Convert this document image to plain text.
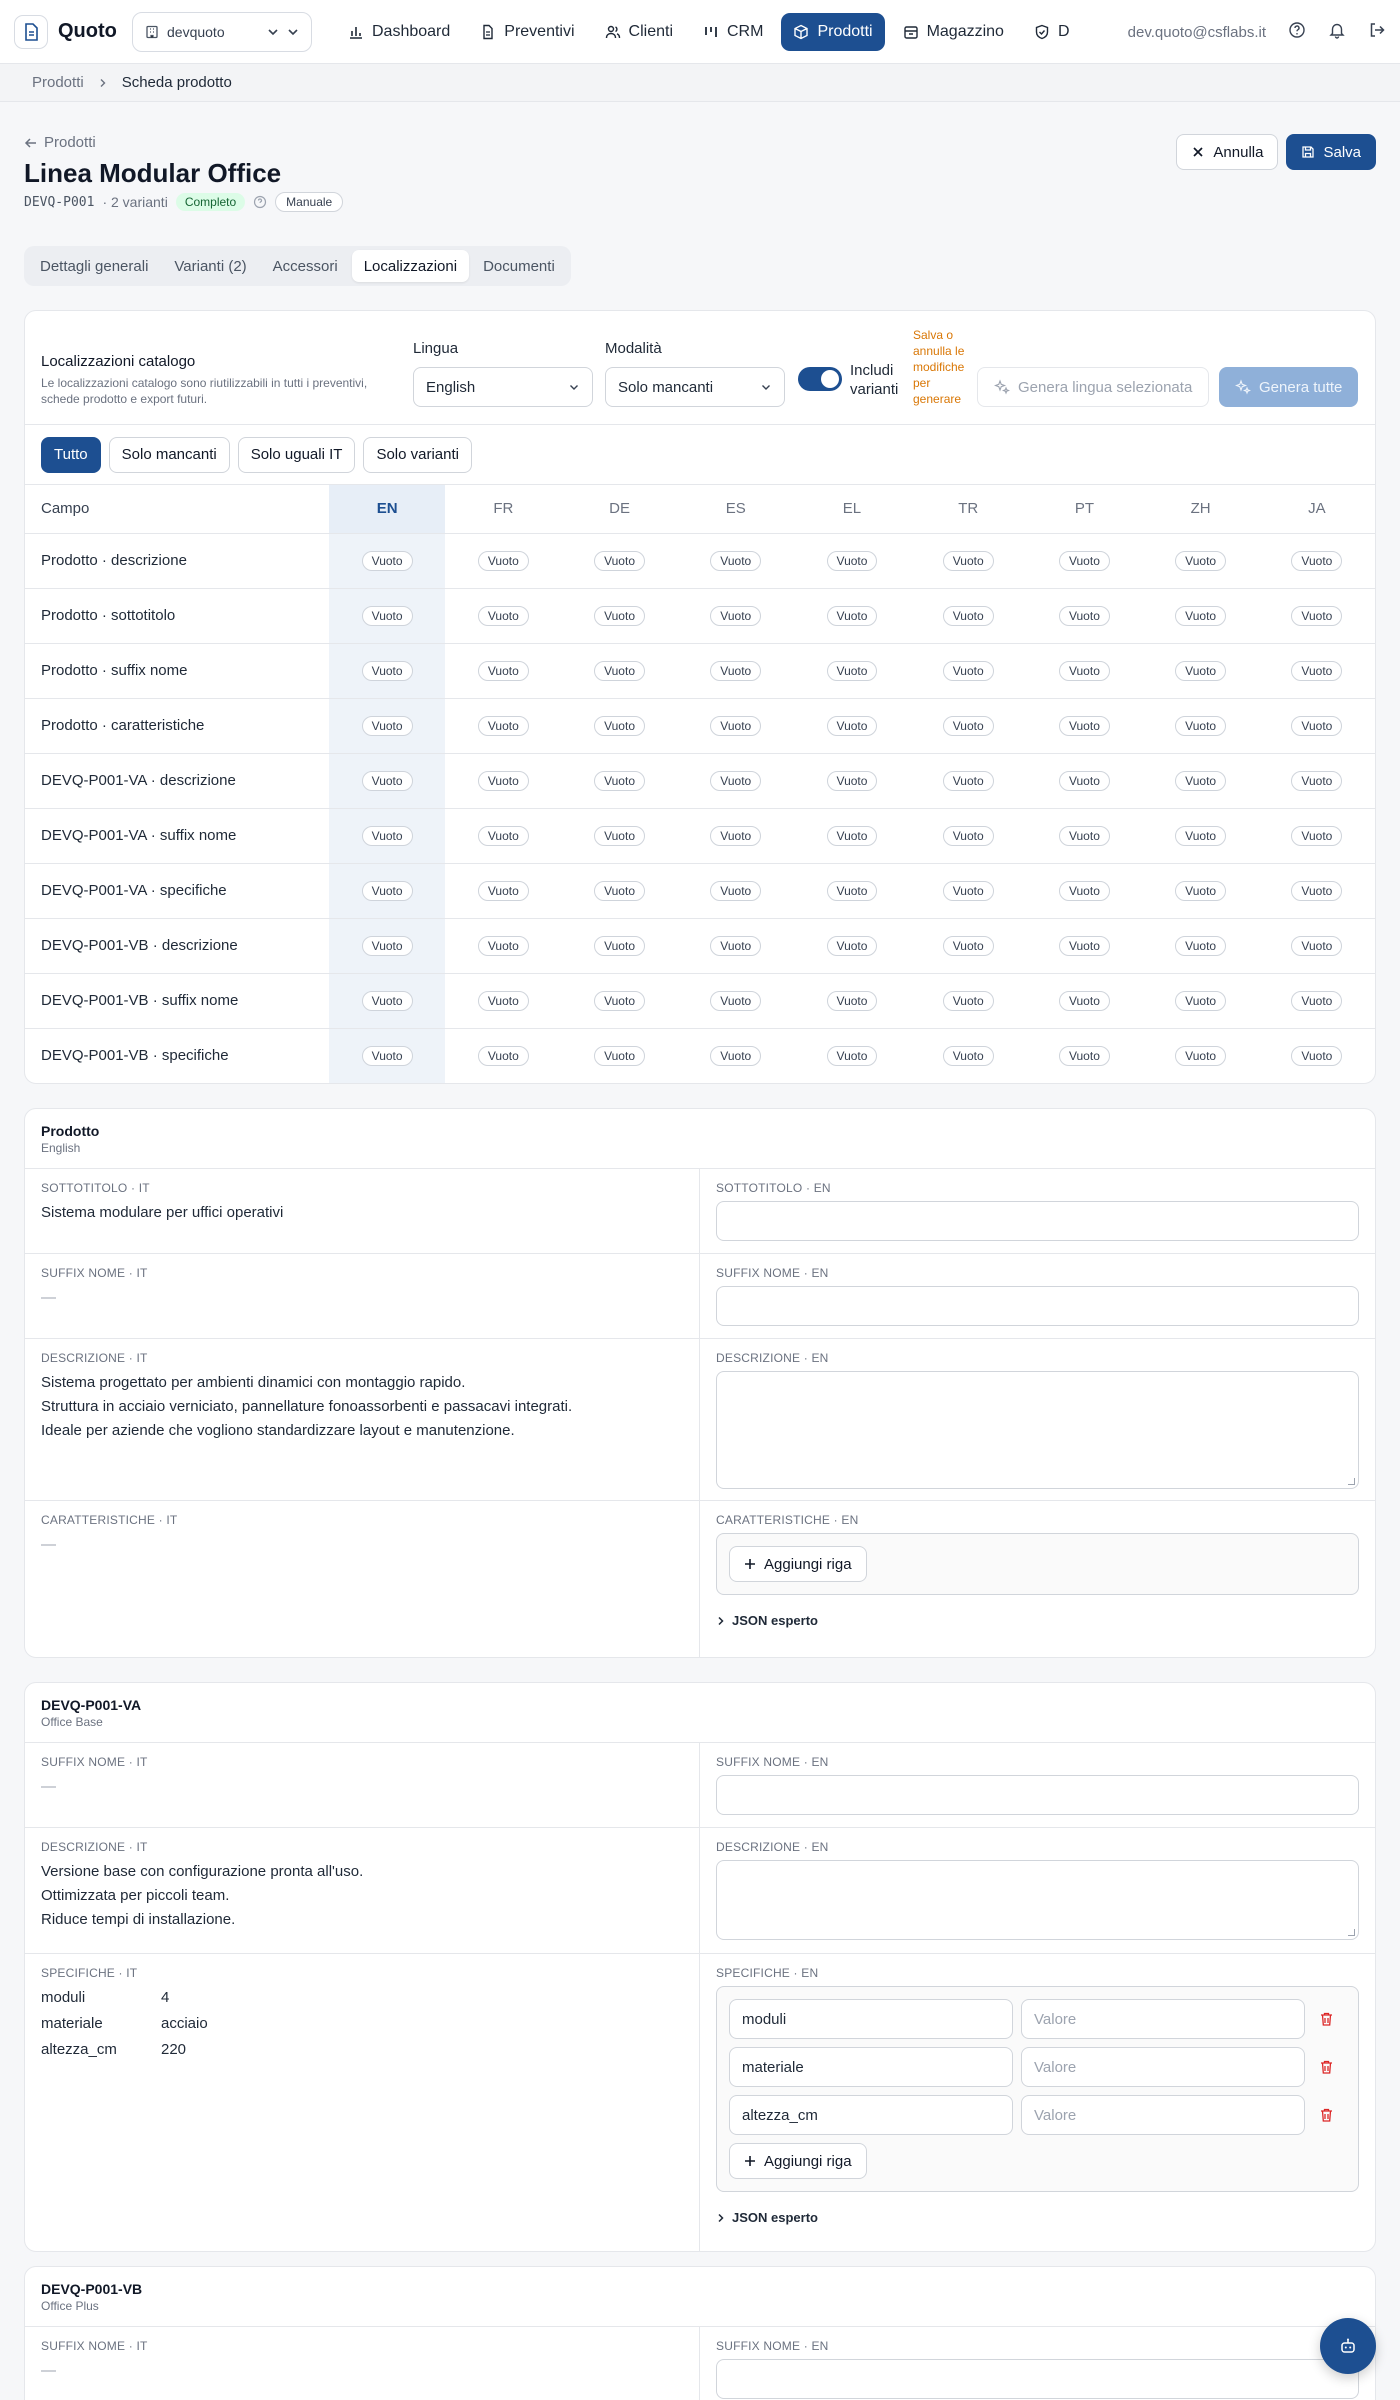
Quoto	devquoto	Dashboard	Preventivi	Clienti	CRM	Prodotti	Magazzino	D	dev.quoto@csflabs.it
Prodotti	Scheda prodotto
Prodotti
Linea Modular Office
DEVQ-P001 · 2 varianti	Completo	Manuale
Annulla	Salva
Dettagli generali	Varianti (2)	Accessori	Localizzazioni	Documenti
Localizzazioni catalogo
Le localizzazioni catalogo sono riutilizzabili in tutti i preventivi, schede prodotto e export futuri.
Lingua
English
Modalità
Solo mancanti
Includi varianti
Salva o annulla le modifiche per generare
Genera lingua selezionata	Genera tutte
Tutto	Solo mancanti	Solo uguali IT	Solo varianti
Campo	EN	FR	DE	ES	EL	TR	PT	ZH	JA
Prodotto · descrizione	Vuoto	Vuoto	Vuoto	Vuoto	Vuoto	Vuoto	Vuoto	Vuoto	Vuoto
Prodotto · sottotitolo	Vuoto	Vuoto	Vuoto	Vuoto	Vuoto	Vuoto	Vuoto	Vuoto	Vuoto
Prodotto · suffix nome	Vuoto	Vuoto	Vuoto	Vuoto	Vuoto	Vuoto	Vuoto	Vuoto	Vuoto
Prodotto · caratteristiche	Vuoto	Vuoto	Vuoto	Vuoto	Vuoto	Vuoto	Vuoto	Vuoto	Vuoto
DEVQ-P001-VA · descrizione	Vuoto	Vuoto	Vuoto	Vuoto	Vuoto	Vuoto	Vuoto	Vuoto	Vuoto
DEVQ-P001-VA · suffix nome	Vuoto	Vuoto	Vuoto	Vuoto	Vuoto	Vuoto	Vuoto	Vuoto	Vuoto
DEVQ-P001-VA · specifiche	Vuoto	Vuoto	Vuoto	Vuoto	Vuoto	Vuoto	Vuoto	Vuoto	Vuoto
DEVQ-P001-VB · descrizione	Vuoto	Vuoto	Vuoto	Vuoto	Vuoto	Vuoto	Vuoto	Vuoto	Vuoto
DEVQ-P001-VB · suffix nome	Vuoto	Vuoto	Vuoto	Vuoto	Vuoto	Vuoto	Vuoto	Vuoto	Vuoto
DEVQ-P001-VB · specifiche	Vuoto	Vuoto	Vuoto	Vuoto	Vuoto	Vuoto	Vuoto	Vuoto	Vuoto
Prodotto
English
SOTTOTITOLO · IT
Sistema modulare per uffici operativi
SOTTOTITOLO · EN
SUFFIX NOME · IT
—
SUFFIX NOME · EN
DESCRIZIONE · IT
Sistema progettato per ambienti dinamici con montaggio rapido.
Struttura in acciaio verniciato, pannellature fonoassorbenti e passacavi integrati.
Ideale per aziende che vogliono standardizzare layout e manutenzione.
DESCRIZIONE · EN
CARATTERISTICHE · IT
—
CARATTERISTICHE · EN
Aggiungi riga
JSON esperto
DEVQ-P001-VA
Office Base
SUFFIX NOME · IT
—
SUFFIX NOME · EN
DESCRIZIONE · IT
Versione base con configurazione pronta all'uso.
Ottimizzata per piccoli team.
Riduce tempi di installazione.
DESCRIZIONE · EN
SPECIFICHE · IT
moduli	4
materiale	acciaio
altezza_cm	220
SPECIFICHE · EN
moduli	Valore
materiale	Valore
altezza_cm	Valore
Aggiungi riga
JSON esperto
DEVQ-P001-VB
Office Plus
SUFFIX NOME · IT
—
SUFFIX NOME · EN
